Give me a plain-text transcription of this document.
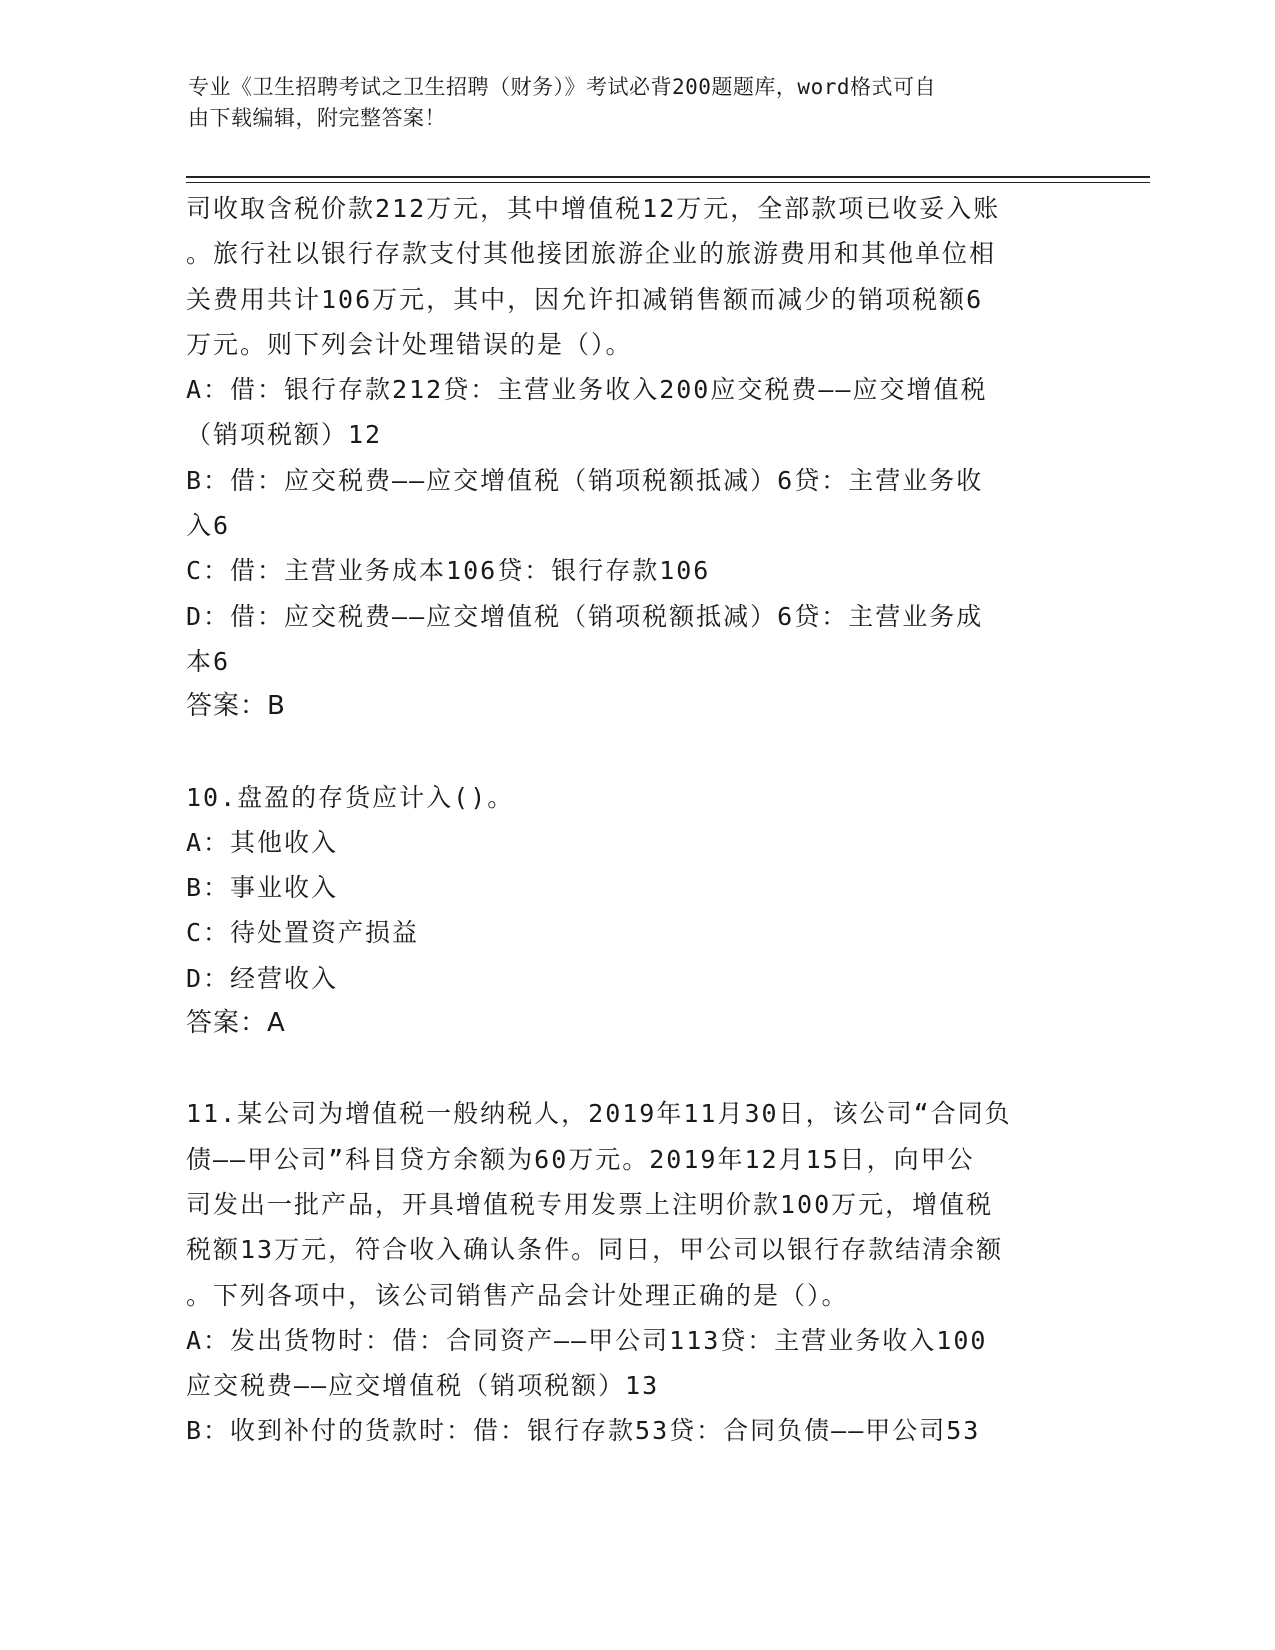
专业《卫生招聘考试之卫生招聘（财务）》考试必背200题题库，word格式可自
由下载编辑，附完整答案！
司收取含税价款212万元，其中增值税12万元，全部款项已收妥入账
。旅行社以银行存款支付其他接团旅游企业的旅游费用和其他单位相
关费用共计106万元，其中，因允许扣减销售额而减少的销项税额6
万元。则下列会计处理错误的是（）。
A：借：银行存款212贷：主营业务收入200应交税费——应交增值税
（销项税额）12
B：借：应交税费——应交增值税（销项税额抵减）6贷：主营业务收
入6
C：借：主营业务成本106贷：银行存款106
D：借：应交税费——应交增值税（销项税额抵减）6贷：主营业务成
本6
答案：B
10.盘盈的存货应计入()。
A：其他收入
B：事业收入
C：待处置资产损益
D：经营收入
答案：A
11.某公司为增值税一般纳税人，2019年11月30日，该公司“合同负
债——甲公司”科目贷方余额为60万元。2019年12月15日，向甲公
司发出一批产品，开具增值税专用发票上注明价款100万元，增值税
税额13万元，符合收入确认条件。同日，甲公司以银行存款结清余额
。下列各项中，该公司销售产品会计处理正确的是（）。
A：发出货物时：借：合同资产——甲公司113贷：主营业务收入100
应交税费——应交增值税（销项税额）13
B：收到补付的货款时：借：银行存款53贷：合同负债——甲公司53
